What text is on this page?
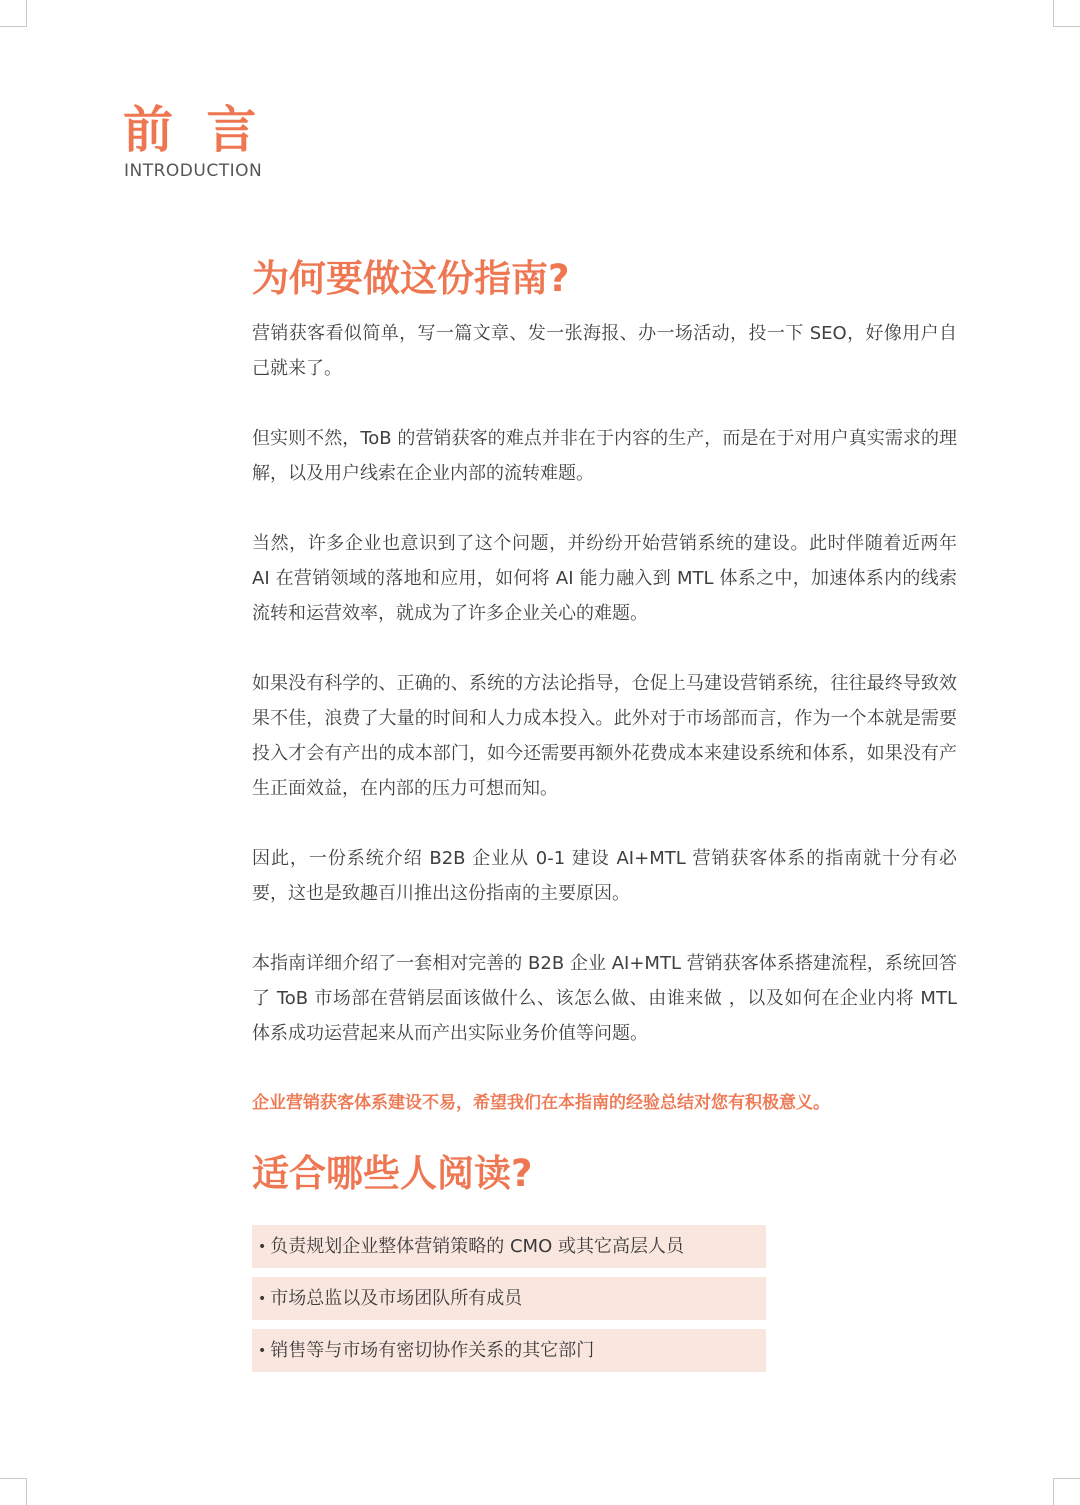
前 言
INTRODUCTION
为何要做这份指南?

营销获客看似简单，写一篇文章、发一张海报、办一场活动，投一下 SEO，好像用户自己就来了。

但实则不然，ToB 的营销获客的难点并非在于内容的生产，而是在于对用户真实需求的理解，以及用户线索在企业内部的流转难题。

当然，许多企业也意识到了这个问题，并纷纷开始营销系统的建设。此时伴随着近两年 AI 在营销领域的落地和应用，如何将 AI 能力融入到 MTL 体系之中，加速体系内的线索流转和运营效率，就成为了许多企业关心的难题。

如果没有科学的、正确的、系统的方法论指导，仓促上马建设营销系统，往往最终导致效果不佳，浪费了大量的时间和人力成本投入。此外对于市场部而言，作为一个本就是需要投入才会有产出的成本部门，如今还需要再额外花费成本来建设系统和体系，如果没有产生正面效益，在内部的压力可想而知。

因此，一份系统介绍 B2B 企业从 0-1 建设 AI+MTL 营销获客体系的指南就十分有必要，这也是致趣百川推出这份指南的主要原因。

本指南详细介绍了一套相对完善的 B2B 企业 AI+MTL 营销获客体系搭建流程，系统回答了 ToB 市场部在营销层面该做什么、该怎么做、由谁来做 ，以及如何在企业内将 MTL 体系成功运营起来从而产出实际业务价值等问题。

企业营销获客体系建设不易，希望我们在本指南的经验总结对您有积极意义。

适合哪些人阅读?
• 负责规划企业整体营销策略的 CMO 或其它高层人员
• 市场总监以及市场团队所有成员
• 销售等与市场有密切协作关系的其它部门
